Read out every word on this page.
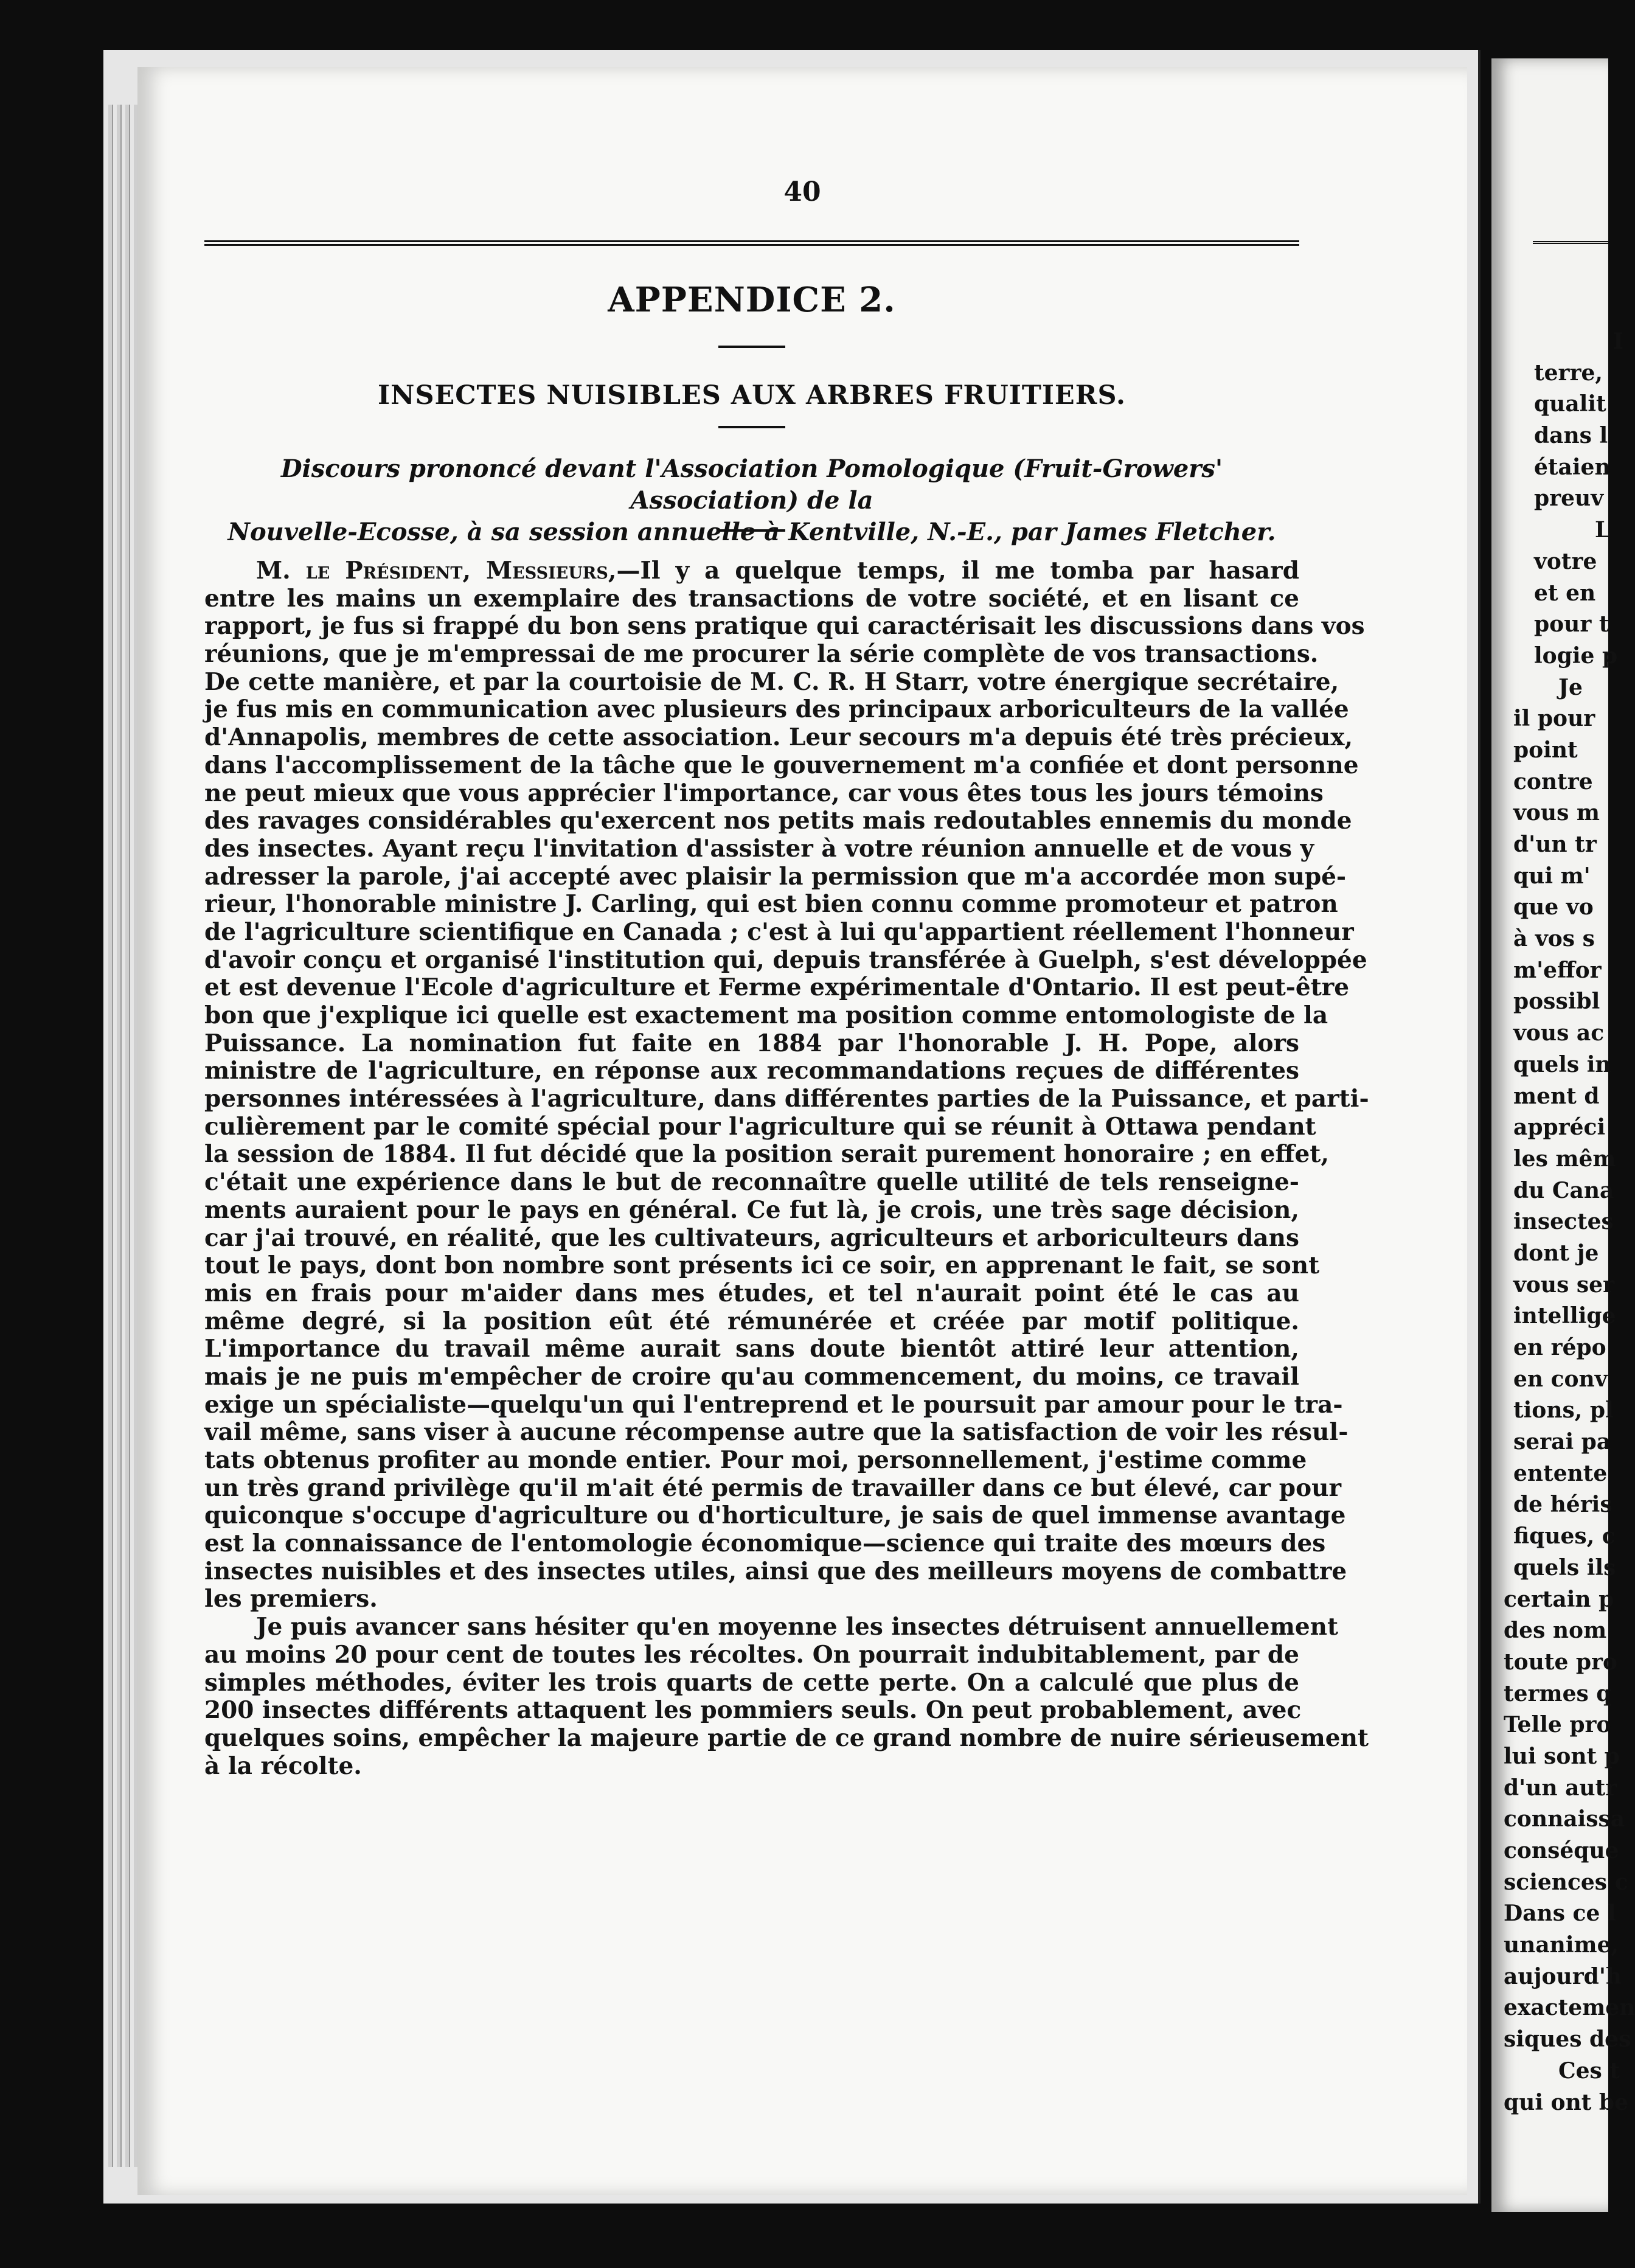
40
APPENDICE 2.
INSECTES NUISIBLES AUX ARBRES FRUITIERS.
Discours prononcé devant l'Association Pomologique (Fruit-Growers' Association) de la
Nouvelle-Ecosse, à sa session annuelle à Kentville, N.-E., par James Fletcher.
M. le Président, Messieurs,—Il y a quelque temps, il me tomba par hasard
entre les mains un exemplaire des transactions de votre société, et en lisant ce
rapport, je fus si frappé du bon sens pratique qui caractérisait les discussions dans vos
réunions, que je m'empressai de me procurer la série complète de vos transactions.
De cette manière, et par la courtoisie de M. C. R. H Starr, votre énergique secrétaire,
je fus mis en communication avec plusieurs des principaux arboriculteurs de la vallée
d'Annapolis, membres de cette association. Leur secours m'a depuis été très précieux,
dans l'accomplissement de la tâche que le gouvernement m'a confiée et dont personne
ne peut mieux que vous apprécier l'importance, car vous êtes tous les jours témoins
des ravages considérables qu'exercent nos petits mais redoutables ennemis du monde
des insectes. Ayant reçu l'invitation d'assister à votre réunion annuelle et de vous y
adresser la parole, j'ai accepté avec plaisir la permission que m'a accordée mon supé-
rieur, l'honorable ministre J. Carling, qui est bien connu comme promoteur et patron
de l'agriculture scientifique en Canada ; c'est à lui qu'appartient réellement l'honneur
d'avoir conçu et organisé l'institution qui, depuis transférée à Guelph, s'est développée
et est devenue l'Ecole d'agriculture et Ferme expérimentale d'Ontario. Il est peut-être
bon que j'explique ici quelle est exactement ma position comme entomologiste de la
Puissance. La nomination fut faite en 1884 par l'honorable J. H. Pope, alors
ministre de l'agriculture, en réponse aux recommandations reçues de différentes
personnes intéressées à l'agriculture, dans différentes parties de la Puissance, et parti-
culièrement par le comité spécial pour l'agriculture qui se réunit à Ottawa pendant
la session de 1884. Il fut décidé que la position serait purement honoraire ; en effet,
c'était une expérience dans le but de reconnaître quelle utilité de tels renseigne-
ments auraient pour le pays en général. Ce fut là, je crois, une très sage décision,
car j'ai trouvé, en réalité, que les cultivateurs, agriculteurs et arboriculteurs dans
tout le pays, dont bon nombre sont présents ici ce soir, en apprenant le fait, se sont
mis en frais pour m'aider dans mes études, et tel n'aurait point été le cas au
même degré, si la position eût été rémunérée et créée par motif politique.
L'importance du travail même aurait sans doute bientôt attiré leur attention,
mais je ne puis m'empêcher de croire qu'au commencement, du moins, ce travail
exige un spécialiste—quelqu'un qui l'entreprend et le poursuit par amour pour le tra-
vail même, sans viser à aucune récompense autre que la satisfaction de voir les résul-
tats obtenus profiter au monde entier. Pour moi, personnellement, j'estime comme
un très grand privilège qu'il m'ait été permis de travailler dans ce but élevé, car pour
quiconque s'occupe d'agriculture ou d'horticulture, je sais de quel immense avantage
est la connaissance de l'entomologie économique—science qui traite des mœurs des
insectes nuisibles et des insectes utiles, ainsi que des meilleurs moyens de combattre
les premiers.
Je puis avancer sans hésiter qu'en moyenne les insectes détruisent annuellement
au moins 20 pour cent de toutes les récoltes. On pourrait indubitablement, par de
simples méthodes, éviter les trois quarts de cette perte. On a calculé que plus de
200 insectes différents attaquent les pommiers seuls. On peut probablement, avec
quelques soins, empêcher la majeure partie de ce grand nombre de nuire sérieusement
à la récolte.
I
terre,
qualit
dans l
étaien
preuv
L
votre
et en
pour t
logie p
Je
il pour
point
contre
vous m
d'un tr
qui m'
que vo
à vos s
m'effor
possibl
vous ac
quels in
ment d
appréci
les mêm
du Cana
insectes
dont je
vous ser
intellige
en répo
en conv
tions, pl
serai pa
entente
de héris
fiques, c
quels ils
certain p
des nom
toute pro
termes q
Telle pro
lui sont p
d'un autr
connaissa
conséque
sciences c
Dans ce l
unanime,
aujourd'h
exactemen
siques des
Ces t
qui ont be
